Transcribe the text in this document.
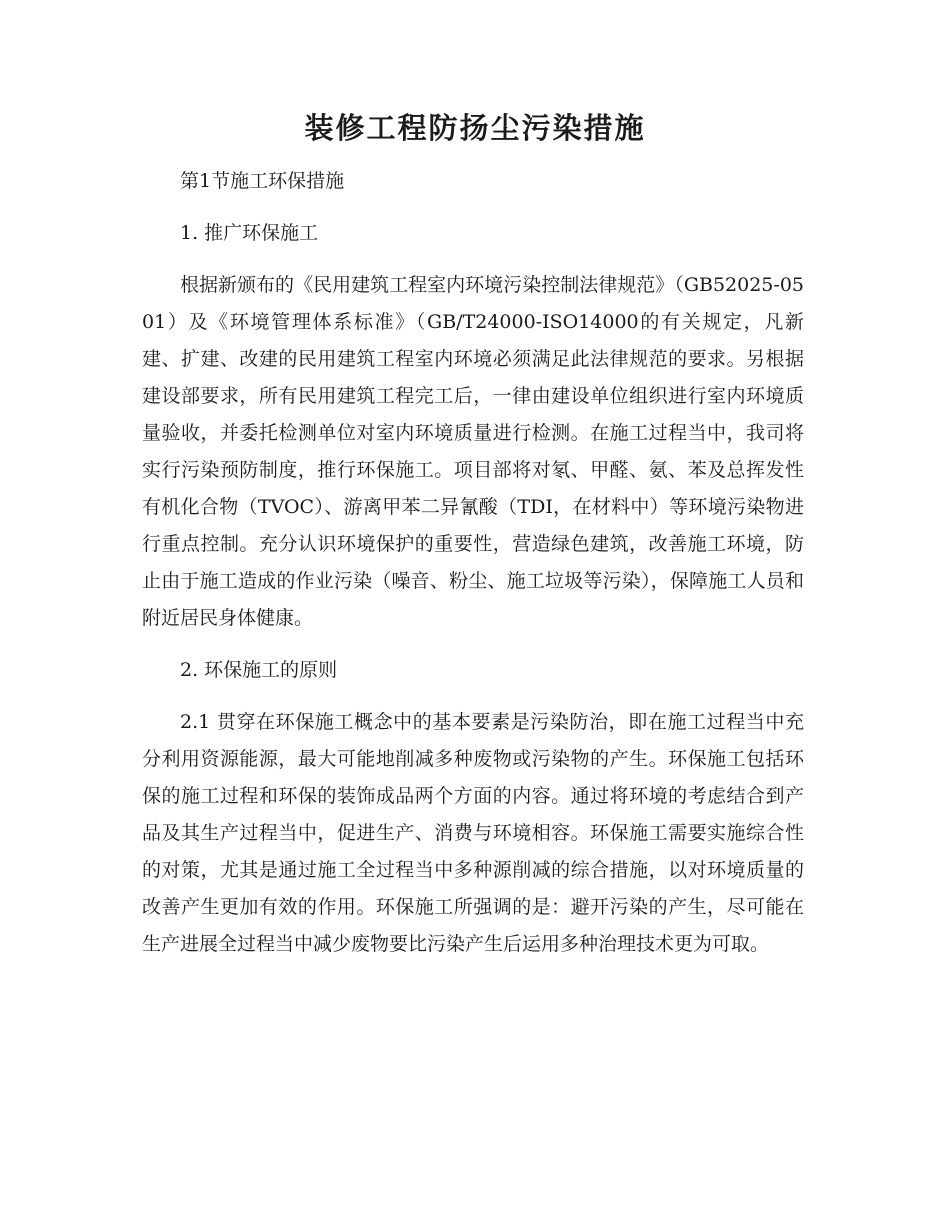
装修工程防扬尘污染措施

第1节施工环保措施

1. 推广环保施工

根据新颁布的《民用建筑工程室内环境污染控制法律规范》（GB52025-0501）及《环境管理体系标准》（GB/T24000-ISO14000的有关规定，凡新建、扩建、改建的民用建筑工程室内环境必须满足此法律规范的要求。另根据建设部要求，所有民用建筑工程完工后，一律由建设单位组织进行室内环境质量验收，并委托检测单位对室内环境质量进行检测。在施工过程当中，我司将实行污染预防制度，推行环保施工。项目部将对氡、甲醛、氨、苯及总挥发性有机化合物（TVOC）、游离甲苯二异氰酸（TDI，在材料中）等环境污染物进行重点控制。充分认识环境保护的重要性，营造绿色建筑，改善施工环境，防止由于施工造成的作业污染（噪音、粉尘、施工垃圾等污染），保障施工人员和附近居民身体健康。

2. 环保施工的原则

2.1 贯穿在环保施工概念中的基本要素是污染防治，即在施工过程当中充分利用资源能源，最大可能地削减多种废物或污染物的产生。环保施工包括环保的施工过程和环保的装饰成品两个方面的内容。通过将环境的考虑结合到产品及其生产过程当中，促进生产、消费与环境相容。环保施工需要实施综合性的对策，尤其是通过施工全过程当中多种源削减的综合措施，以对环境质量的改善产生更加有效的作用。环保施工所强调的是：避开污染的产生，尽可能在生产进展全过程当中减少废物要比污染产生后运用多种治理技术更为可取。
